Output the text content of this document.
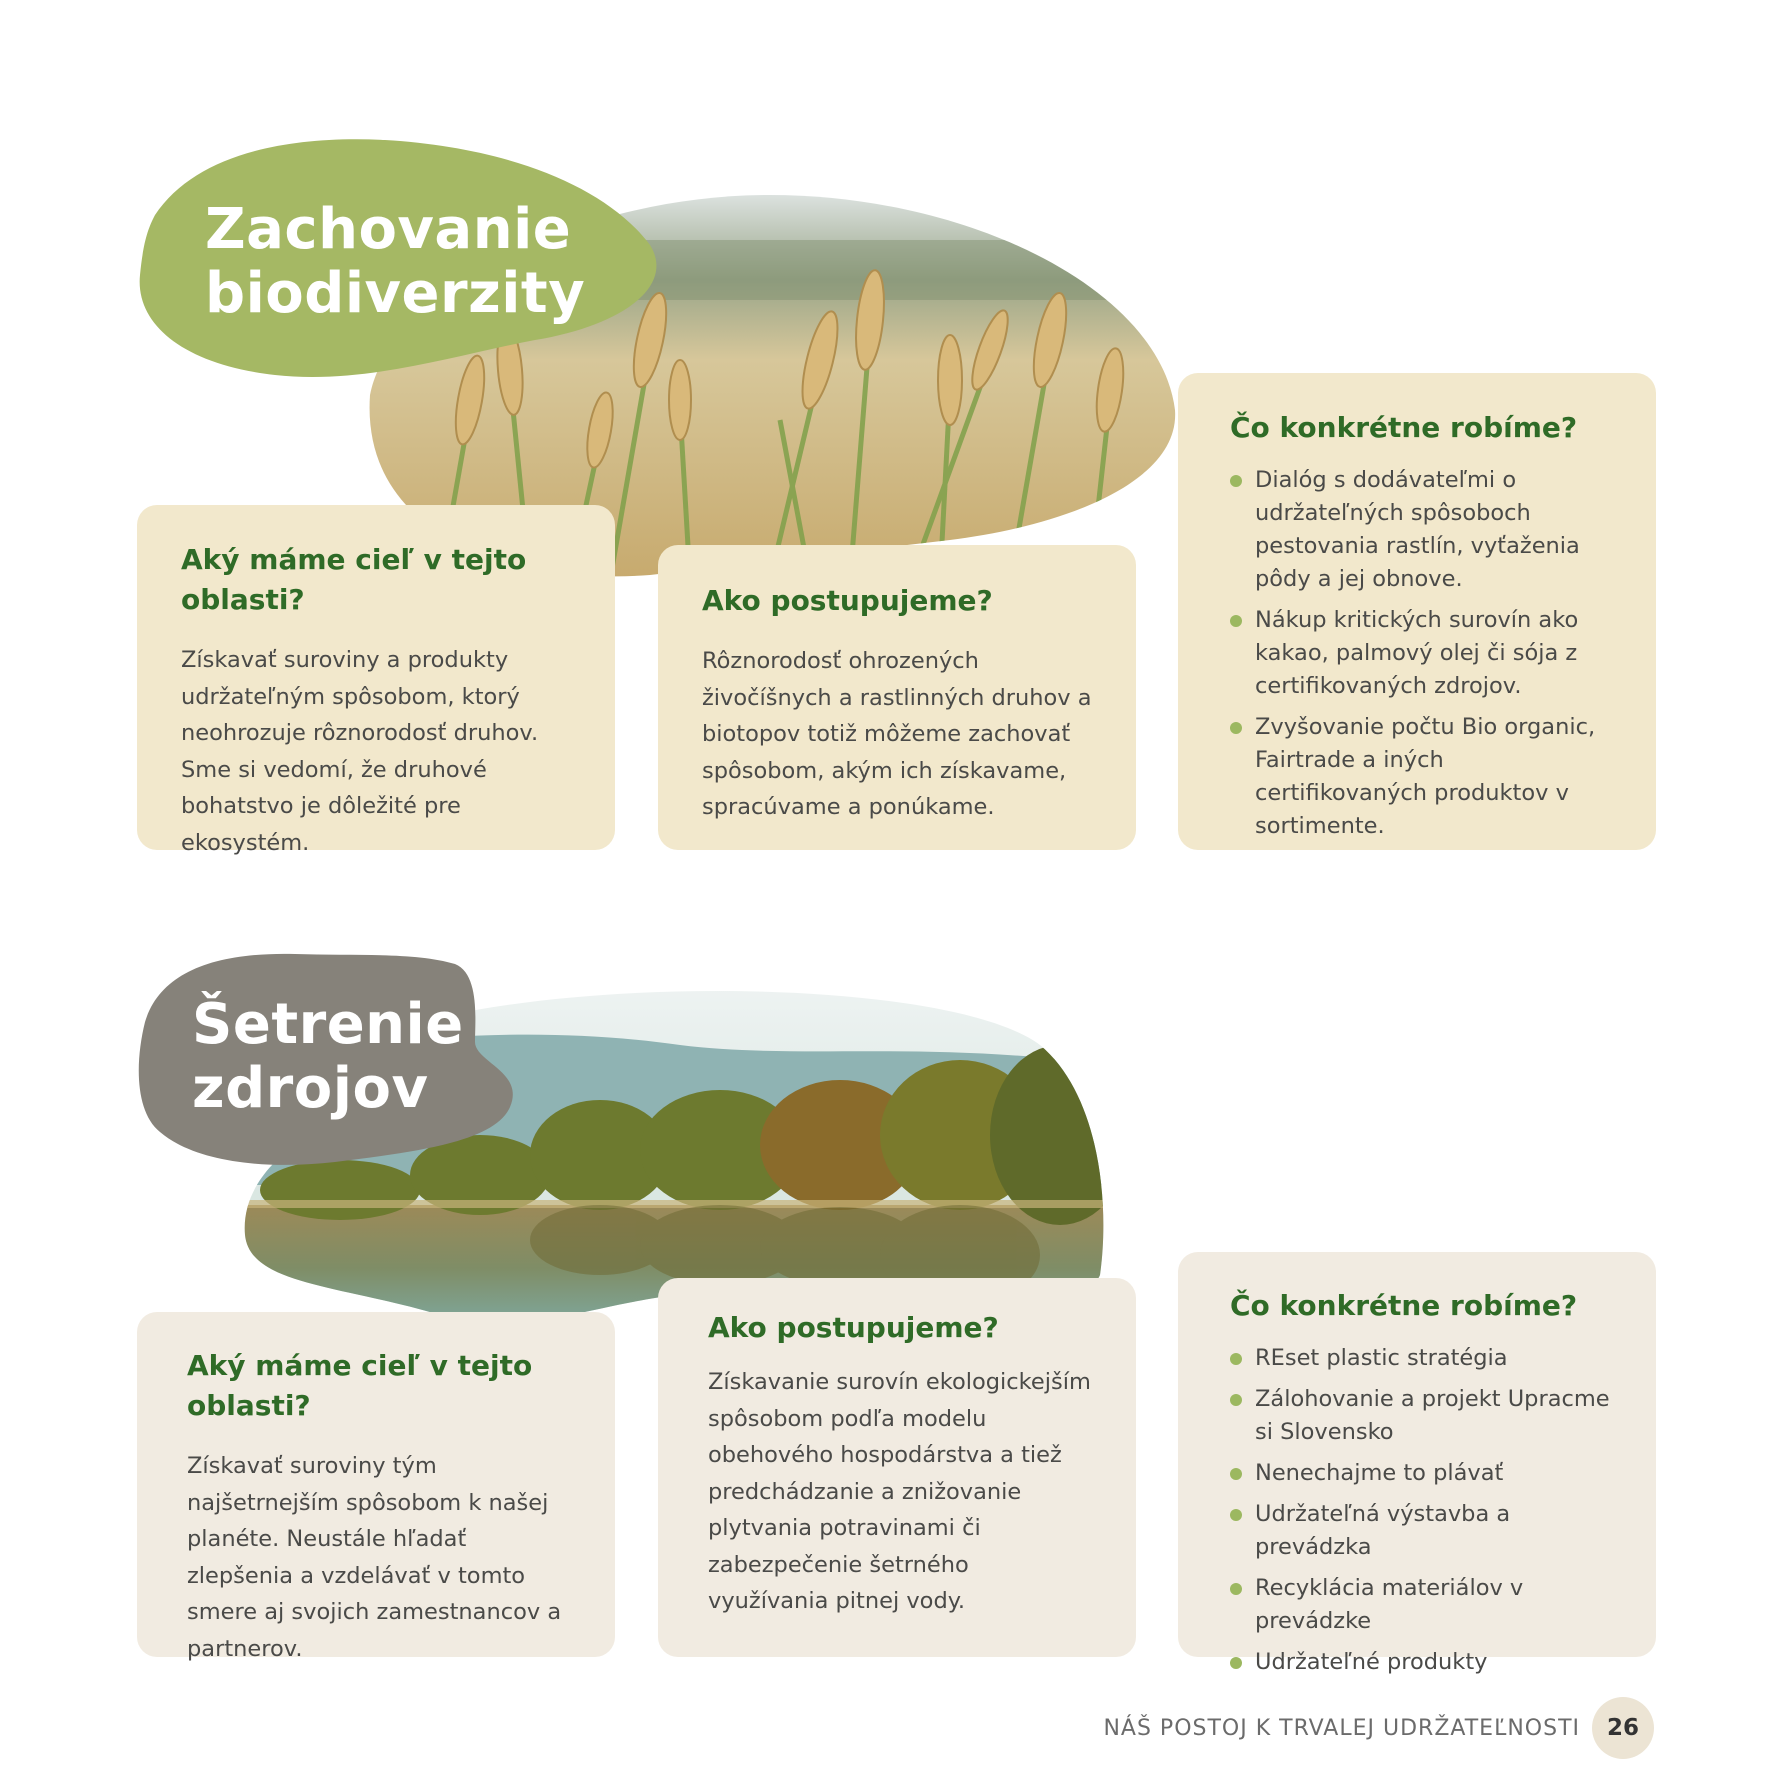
Zachovanie
biodiverzity
Aký máme cieľ v tejto
oblasti?

Získavať suroviny a produkty udržateľným spôsobom, ktorý neohrozuje rôznorodosť druhov. Sme si vedomí, že druhové bohatstvo je dôležité pre ekosystém.

Ako postupujeme?

Rôznorodosť ohrozených živočíšnych a rastlinných druhov a biotopov totiž môžeme zachovať spôsobom, akým ich získavame, spracúvame a ponúkame.

Čo konkrétne robíme?
Dialóg s dodávateľmi o udržateľných spôsoboch pestovania rastlín, vyťaženia pôdy a jej obnove.
Nákup kritických surovín ako kakao, palmový olej či sója z certifikovaných zdrojov.
Zvyšovanie počtu Bio organic, Fairtrade a iných certifikovaných produktov v sortimente.
Šetrenie
zdrojov
Aký máme cieľ v tejto
oblasti?

Získavať suroviny tým najšetrnejším spôsobom k našej planéte. Neustále hľadať zlepšenia a vzdelávať v tomto smere aj svojich zamestnancov a partnerov.

Ako postupujeme?

Získavanie surovín ekologickejším spôsobom podľa modelu obehového hospodárstva a tiež predchádzanie a znižovanie plytvania potravinami či zabezpečenie šetrného využívania pitnej vody.

Čo konkrétne robíme?
REset plastic stratégia
Zálohovanie a projekt Upracme si Slovensko
Nenechajme to plávať
Udržateľná výstavba a prevádzka
Recyklácia materiálov v prevádzke
Udržateľné produkty
NÁŠ POSTOJ K TRVALEJ UDRŽATEĽNOSTI	26
